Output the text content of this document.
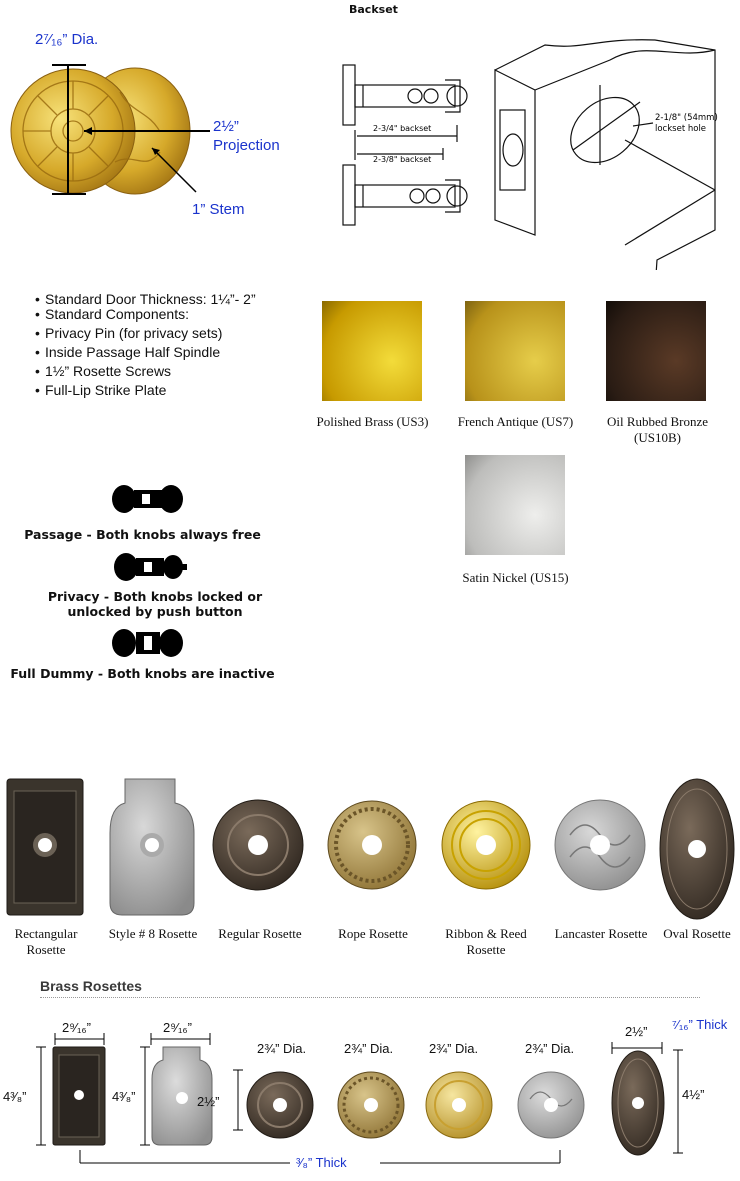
2⁷⁄₁₆” Dia.
2½”
Projection
1” Stem
Backset
2-3/4" backset
2-3/8" backset
2-1/8" (54mm)
lockset hole
• Standard Door Thickness: 1¼”- 2”
• Standard Components:
• Privacy Pin (for privacy sets)
• Inside Passage Half Spindle
• 1½” Rosette Screws
• Full-Lip Strike Plate
Polished Brass (US3)	French Antique (US7)	Oil Rubbed Bronze (US10B)
Satin Nickel (US15)
Passage - Both knobs always free
Privacy - Both knobs locked or unlocked by push button
Full Dummy - Both knobs are inactive
Rectangular Rosette
Style # 8 Rosette	Regular Rosette	Rope Rosette	Ribbon & Reed Rosette
Lancaster Rosette	Oval Rosette
Brass Rosettes
2⁹⁄₁₆”
4³⁄₈”
2⁹⁄₁₆”
4³⁄₈”	2½”
2¾” Dia.	2¾” Dia.	2¾” Dia.	2¾” Dia.
2½”
4½”
⁷⁄₁₆” Thick
³⁄₈” Thick
